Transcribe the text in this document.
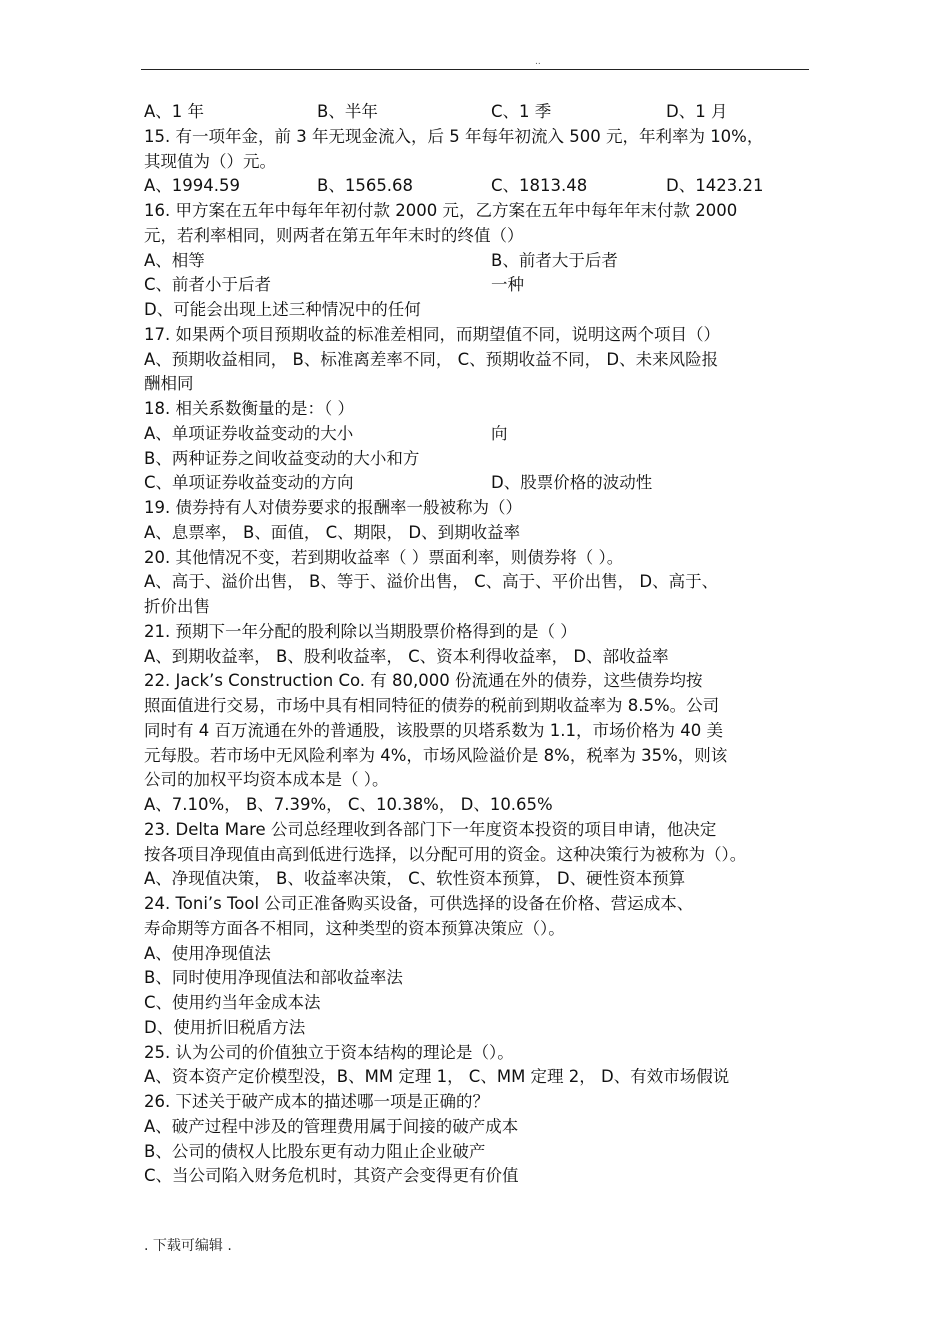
..
A、1 年	B、半年	C、1 季	D、1 月
15. 有一项年金，前 3 年无现金流入，后 5 年每年初流入 500 元，年利率为 10%，
其现值为（）元。
A、1994.59	B、1565.68	C、1813.48	D、1423.21
16. 甲方案在五年中每年年初付款 2000 元，乙方案在五年中每年年末付款 2000
元，若利率相同，则两者在第五年年末时的终值（）
A、相等	B、前者大于后者
C、前者小于后者	一种
D、可能会出现上述三种情况中的任何
17. 如果两个项目预期收益的标准差相同，而期望值不同，说明这两个项目（）
A、预期收益相同， B、标准离差率不同， C、预期收益不同， D、未来风险报
酬相同
18. 相关系数衡量的是：（ ）
A、单项证券收益变动的大小	向
B、两种证券之间收益变动的大小和方
C、单项证券收益变动的方向	D、股票价格的波动性
19. 债券持有人对债券要求的报酬率一般被称为（）
A、息票率， B、面值， C、期限， D、到期收益率
20. 其他情况不变，若到期收益率（ ）票面利率，则债券将（ ）。
A、高于、溢价出售， B、等于、溢价出售， C、高于、平价出售， D、高于、
折价出售
21. 预期下一年分配的股利除以当期股票价格得到的是（ ）
A、到期收益率， B、股利收益率， C、资本利得收益率， D、部收益率
22. Jack’s Construction Co. 有 80,000 份流通在外的债券，这些债券均按
照面值进行交易，市场中具有相同特征的债券的税前到期收益率为 8.5%。公司
同时有 4 百万流通在外的普通股，该股票的贝塔系数为 1.1，市场价格为 40 美
元每股。若市场中无风险利率为 4%，市场风险溢价是 8%，税率为 35%，则该
公司的加权平均资本成本是（ ）。
A、7.10%， B、7.39%， C、10.38%， D、10.65%
23. Delta Mare 公司总经理收到各部门下一年度资本投资的项目申请，他决定
按各项目净现值由高到低进行选择，以分配可用的资金。这种决策行为被称为（）。
A、净现值决策， B、收益率决策， C、软性资本预算， D、硬性资本预算
24. Toni’s Tool 公司正准备购买设备，可供选择的设备在价格、营运成本、
寿命期等方面各不相同，这种类型的资本预算决策应（）。
A、使用净现值法
B、同时使用净现值法和部收益率法
C、使用约当年金成本法
D、使用折旧税盾方法
25. 认为公司的价值独立于资本结构的理论是（）。
A、资本资产定价模型没，B、MM 定理 1， C、MM 定理 2， D、有效市场假说
26. 下述关于破产成本的描述哪一项是正确的？
A、破产过程中涉及的管理费用属于间接的破产成本
B、公司的债权人比股东更有动力阻止企业破产
C、当公司陷入财务危机时，其资产会变得更有价值
. 下载可编辑 .
